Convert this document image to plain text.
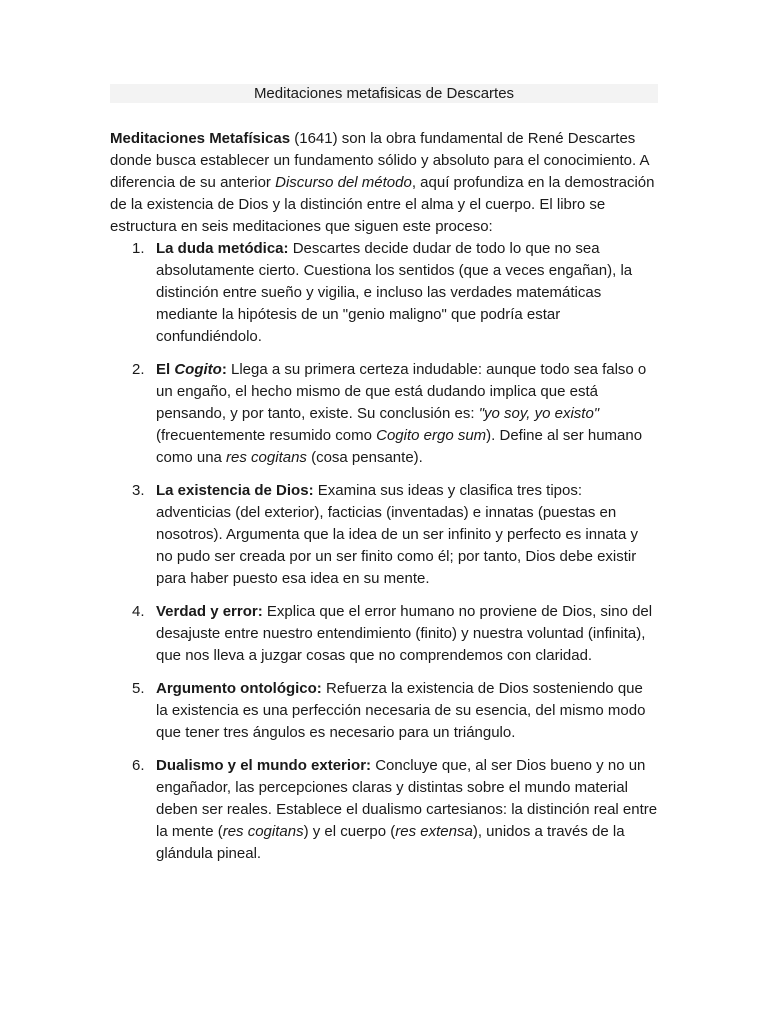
Meditaciones metafisicas de Descartes
Meditaciones Metafísicas (1641) son la obra fundamental de René Descartes donde busca establecer un fundamento sólido y absoluto para el conocimiento. A diferencia de su anterior Discurso del método, aquí profundiza en la demostración de la existencia de Dios y la distinción entre el alma y el cuerpo. El libro se estructura en seis meditaciones que siguen este proceso:
1. La duda metódica: Descartes decide dudar de todo lo que no sea absolutamente cierto. Cuestiona los sentidos (que a veces engañan), la distinción entre sueño y vigilia, e incluso las verdades matemáticas mediante la hipótesis de un "genio maligno" que podría estar confundiéndolo.
2. El Cogito: Llega a su primera certeza indudable: aunque todo sea falso o un engaño, el hecho mismo de que está dudando implica que está pensando, y por tanto, existe. Su conclusión es: "yo soy, yo existo" (frecuentemente resumido como Cogito ergo sum). Define al ser humano como una res cogitans (cosa pensante).
3. La existencia de Dios: Examina sus ideas y clasifica tres tipos: adventicias (del exterior), facticias (inventadas) e innatas (puestas en nosotros). Argumenta que la idea de un ser infinito y perfecto es innata y no pudo ser creada por un ser finito como él; por tanto, Dios debe existir para haber puesto esa idea en su mente.
4. Verdad y error: Explica que el error humano no proviene de Dios, sino del desajuste entre nuestro entendimiento (finito) y nuestra voluntad (infinita), que nos lleva a juzgar cosas que no comprendemos con claridad.
5. Argumento ontológico: Refuerza la existencia de Dios sosteniendo que la existencia es una perfección necesaria de su esencia, del mismo modo que tener tres ángulos es necesario para un triángulo.
6. Dualismo y el mundo exterior: Concluye que, al ser Dios bueno y no un engañador, las percepciones claras y distintas sobre el mundo material deben ser reales. Establece el dualismo cartesianos: la distinción real entre la mente (res cogitans) y el cuerpo (res extensa), unidos a través de la glándula pineal.
